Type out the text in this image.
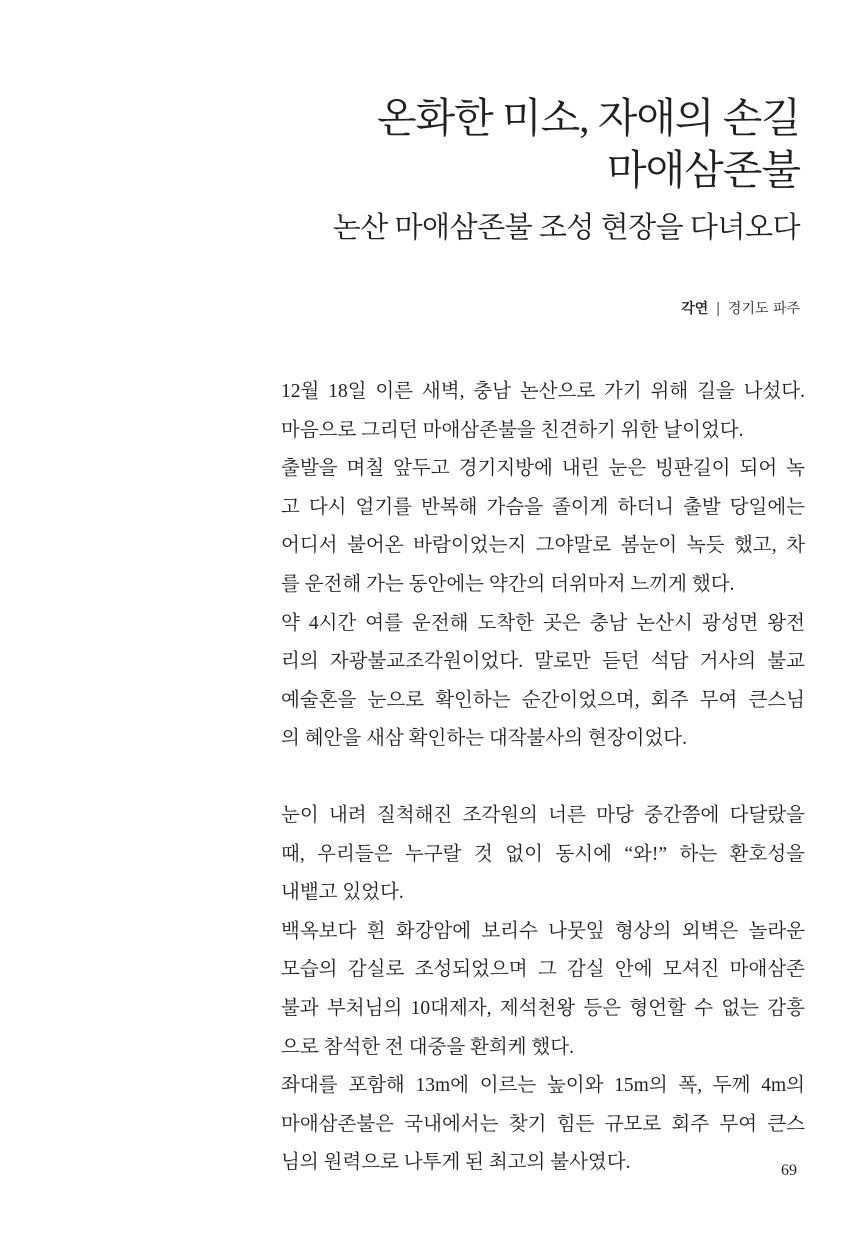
온화한 미소, 자애의 손길
마애삼존불
논산 마애삼존불 조성 현장을 다녀오다
각연 | 경기도 파주
12월 18일 이른 새벽, 충남 논산으로 가기 위해 길을 나섰다.
마음으로 그리던 마애삼존불을 친견하기 위한 날이었다.
출발을 며칠 앞두고 경기지방에 내린 눈은 빙판길이 되어 녹
고 다시 얼기를 반복해 가슴을 졸이게 하더니 출발 당일에는
어디서 불어온 바람이었는지 그야말로 봄눈이 녹듯 했고, 차
를 운전해 가는 동안에는 약간의 더위마저 느끼게 했다.
약 4시간 여를 운전해 도착한 곳은 충남 논산시 광성면 왕전
리의 자광불교조각원이었다. 말로만 듣던 석담 거사의 불교
예술혼을 눈으로 확인하는 순간이었으며, 회주 무여 큰스님
의 혜안을 새삼 확인하는 대작불사의 현장이었다.
눈이 내려 질척해진 조각원의 너른 마당 중간쯤에 다달랐을
때, 우리들은 누구랄 것 없이 동시에 “와!” 하는 환호성을
내뱉고 있었다.
백옥보다 흰 화강암에 보리수 나뭇잎 형상의 외벽은 놀라운
모습의 감실로 조성되었으며 그 감실 안에 모셔진 마애삼존
불과 부처님의 10대제자, 제석천왕 등은 형언할 수 없는 감흥
으로 참석한 전 대중을 환희케 했다.
좌대를 포함해 13m에 이르는 높이와 15m의 폭, 두께 4m의
마애삼존불은 국내에서는 찾기 힘든 규모로 회주 무여 큰스
님의 원력으로 나투게 된 최고의 불사였다.	69
